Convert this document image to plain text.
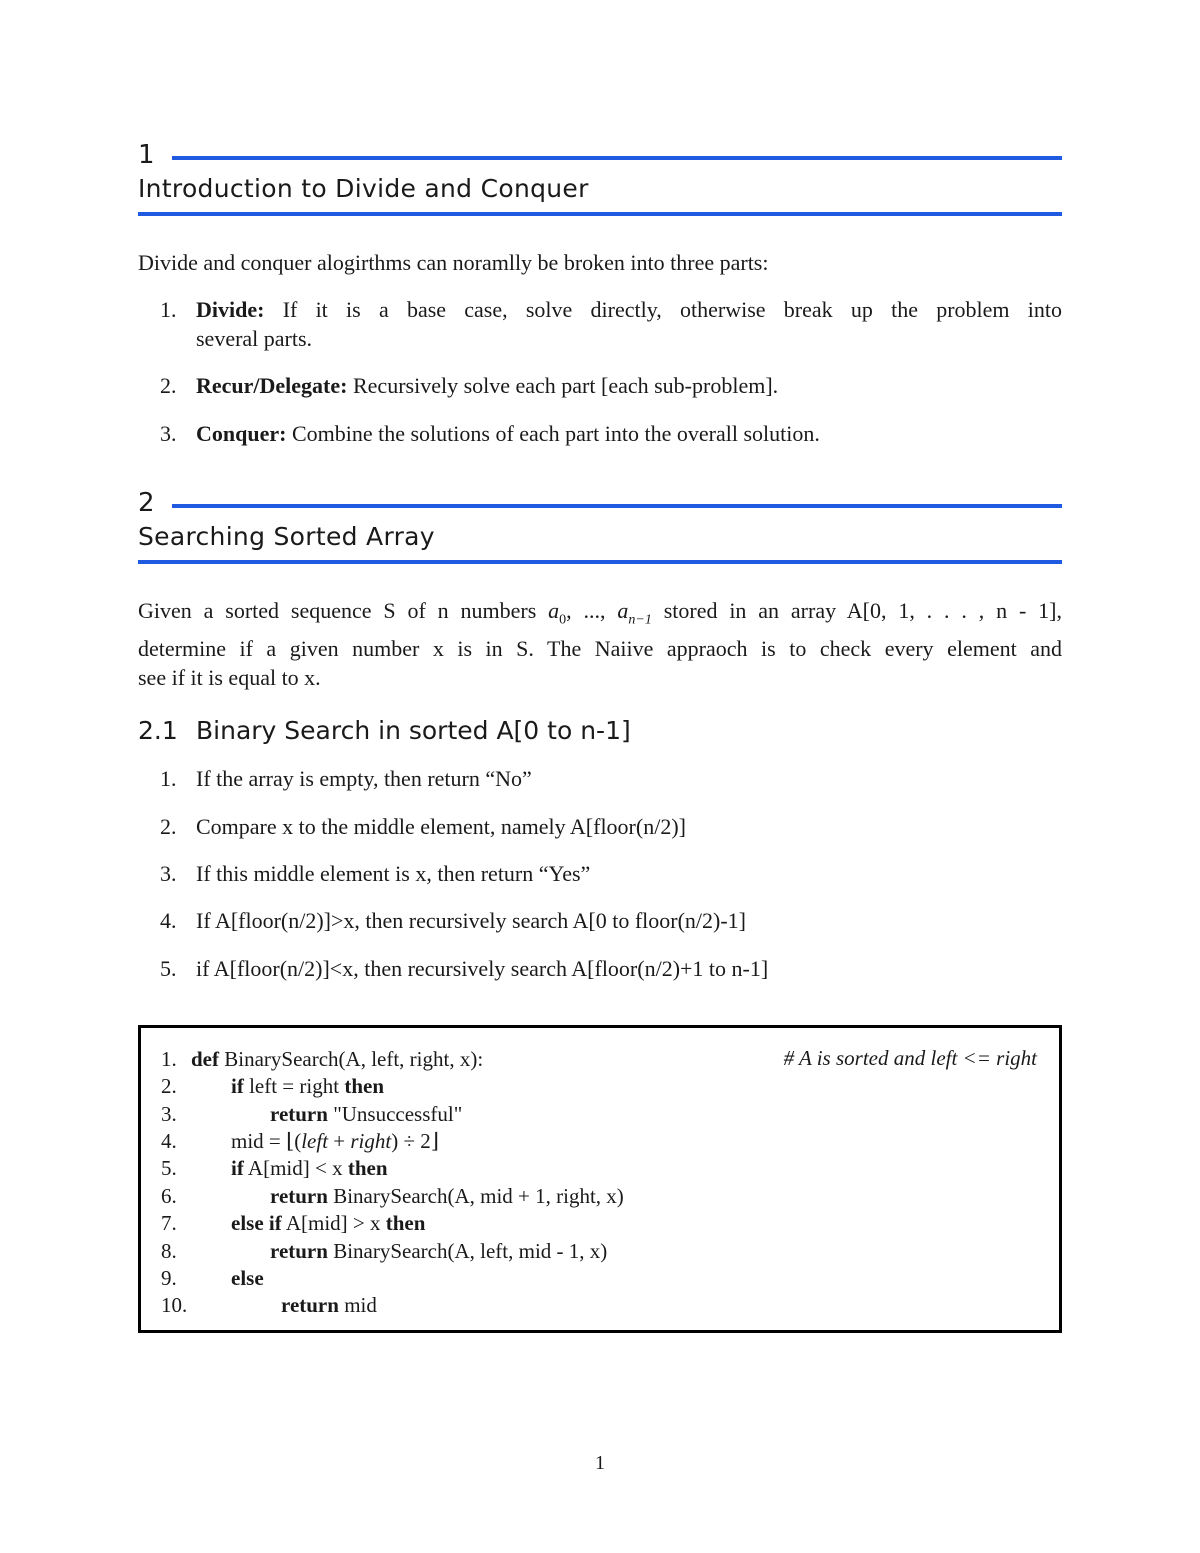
1
Introduction to Divide and Conquer
Divide and conquer alogirthms can noramlly be broken into three parts:
1. Divide: If it is a base case, solve directly, otherwise break up the problem into
several parts.
2. Recur/Delegate: Recursively solve each part [each sub-problem].
3. Conquer: Combine the solutions of each part into the overall solution.
2
Searching Sorted Array
Given a sorted sequence S of n numbers $a_0$, ..., $a_{n-1}$ stored in an array A[0, 1, . . . , n - 1],
determine if a given number x is in S. The Naiive appraoch is to check every element and
see if it is equal to x.
2.1 Binary Search in sorted A[0 to n-1]
1. If the array is empty, then return “No”
2. Compare x to the middle element, namely A[floor(n/2)]
3. If this middle element is x, then return “Yes”
4. If A[floor(n/2)]>x, then recursively search A[0 to floor(n/2)-1]
5. if A[floor(n/2)]<x, then recursively search A[floor(n/2)+1 to n-1]
# A is sorted and left <= right
1. def BinarySearch(A, left, right, x):
2.	if left = right then
3.	return "Unsuccessful"
4.	mid = ⌊(left + right) ÷ 2⌋
5.	if A[mid] < x then
6.	return BinarySearch(A, mid + 1, right, x)
7.	else if A[mid] > x then
8.	return BinarySearch(A, left, mid - 1, x)
9.	else
10.	return mid
1
